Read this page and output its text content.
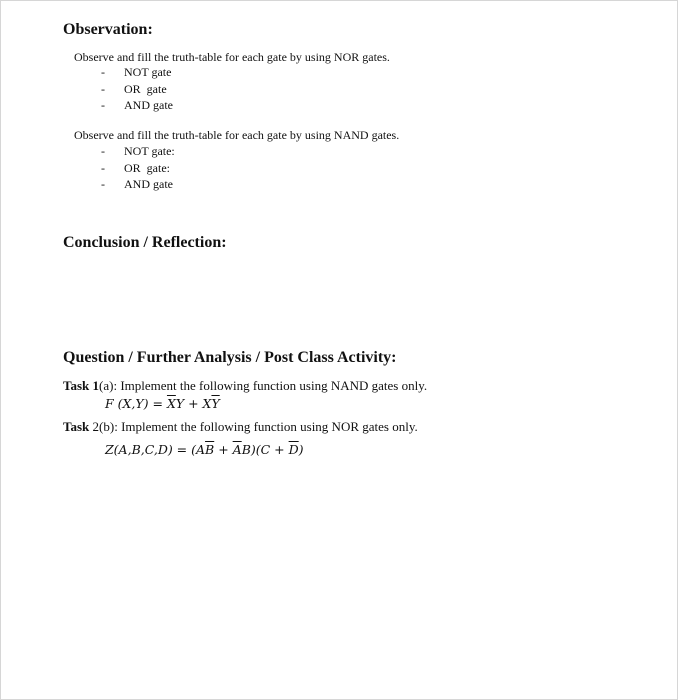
Observation:

Observe and fill the truth-table for each gate by using NOR gates.

- NOT gate
- OR  gate
- AND gate

Observe and fill the truth-table for each gate by using NAND gates.

- NOT gate:
- OR  gate:
- AND gate
Conclusion / Reflection:
Question / Further Analysis / Post Class Activity:

Task 1(a): Implement the following function using NAND gates only.

F $(X,Y) = \overline{X}Y + X\overline{Y}$

Task 2(b): Implement the following function using NOR gates only.

$Z(A,B,C,D) = (A\overline{B} + \overline{A}B)(C + \overline{D})$
